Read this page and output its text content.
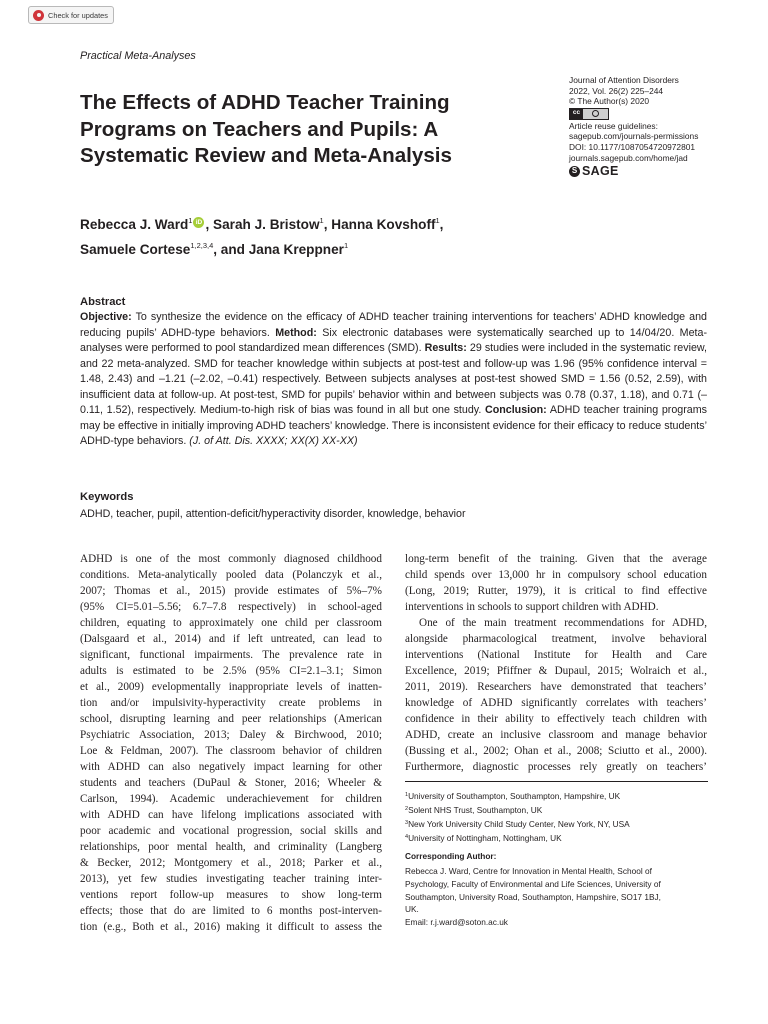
Check for updates
Practical Meta-Analyses
The Effects of ADHD Teacher Training
Programs on Teachers and Pupils: A
Systematic Review and Meta-Analysis
Journal of Attention Disorders
2022, Vol. 26(2) 225–244
© The Author(s) 2020
cc
Article reuse guidelines:
sagepub.com/journals-permissions
DOI: 10.1177/1087054720972801
journals.sagepub.com/home/jad
S SAGE
Rebecca J. Ward$^1$ iD , Sarah J. Bristow$^1$, Hanna Kovshoff$^1$,
Samuele Cortese$^{1,2,3,4}$, and Jana Kreppner$^1$
Abstract
Objective: To synthesize the evidence on the efficacy of ADHD teacher training interventions for teachers’ ADHD knowledge and reducing pupils’ ADHD-type behaviors. Method: Six electronic databases were systematically searched up to 14/04/20. Meta-analyses were performed to pool standardized mean differences (SMD). Results: 29 studies were included in the systematic review, and 22 meta-analyzed. SMD for teacher knowledge within subjects at post-test and follow-up was 1.96 (95% confidence interval = 1.48, 2.43) and –1.21 (–2.02, –0.41) respectively. Between subjects analyses at post-test showed SMD = 1.56 (0.52, 2.59), with insufficient data at follow-up. At post-test, SMD for pupils’ behavior within and between subjects was 0.78 (0.37, 1.18), and 0.71 (–0.11, 1.52), respectively. Medium-to-high risk of bias was found in all but one study. Conclusion: ADHD teacher training programs may be effective in initially improving ADHD teachers’ knowledge. There is inconsistent evidence for their efficacy to reduce students’ ADHD-type behaviors. (J. of Att. Dis. XXXX; XX(X) XX-XX)
Keywords
ADHD, teacher, pupil, attention-deficit/hyperactivity disorder, knowledge, behavior
ADHD is one of the most commonly diagnosed childhood
conditions. Meta-analytically pooled data (Polanczyk et al.,
2007; Thomas et al., 2015) provide estimates of 5%–7%
(95% CI=5.01–5.56; 6.7–7.8 respectively) in school-aged
children, equating to approximately one child per classroom
(Dalsgaard et al., 2014) and if left untreated, can lead to
significant, functional impairments. The prevalence rate in
adults is estimated to be 2.5% (95% CI=2.1–3.1; Simon
et al., 2009) evelopmentally inappropriate levels of inatten-
tion and/or impulsivity-hyperactivity create problems in
school, disrupting learning and peer relationships (American
Psychiatric Association, 2013; Daley & Birchwood, 2010;
Loe & Feldman, 2007). The classroom behavior of children
with ADHD can also negatively impact learning for other
students and teachers (DuPaul & Stoner, 2016; Wheeler &
Carlson, 1994). Academic underachievement for children
with ADHD can have lifelong implications associated with
poor academic and vocational progression, social skills and
relationships, poor mental health, and criminality (Langberg
& Becker, 2012; Montgomery et al., 2018; Parker et al.,
2013), yet few studies investigating teacher training inter-
ventions report follow-up measures to show long-term
effects; those that do are limited to 6 months post-interven-
tion (e.g., Both et al., 2016) making it difficult to assess the
long-term benefit of the training. Given that the average
child spends over 13,000 hr in compulsory school education
(Long, 2019; Rutter, 1979), it is critical to find effective
interventions in schools to support children with ADHD.
One of the main treatment recommendations for ADHD,
alongside pharmacological treatment, involve behavioral
interventions (National Institute for Health and Care
Excellence, 2019; Pfiffner & Dupaul, 2015; Wolraich et al.,
2011, 2019). Researchers have demonstrated that teachers’
knowledge of ADHD significantly correlates with teachers’
confidence in their ability to effectively teach children with
ADHD, create an inclusive classroom and manage behavior
(Bussing et al., 2002; Ohan et al., 2008; Sciutto et al., 2000).
Furthermore, diagnostic processes rely greatly on teachers’
$^1$University of Southampton, Southampton, Hampshire, UK
$^2$Solent NHS Trust, Southampton, UK
$^3$New York University Child Study Center, New York, NY, USA
$^4$University of Nottingham, Nottingham, UK
Corresponding Author:
Rebecca J. Ward, Centre for Innovation in Mental Health, School of
Psychology, Faculty of Environmental and Life Sciences, University of
Southampton, University Road, Southampton, Hampshire, SO17 1BJ,
UK.
Email: r.j.ward@soton.ac.uk
